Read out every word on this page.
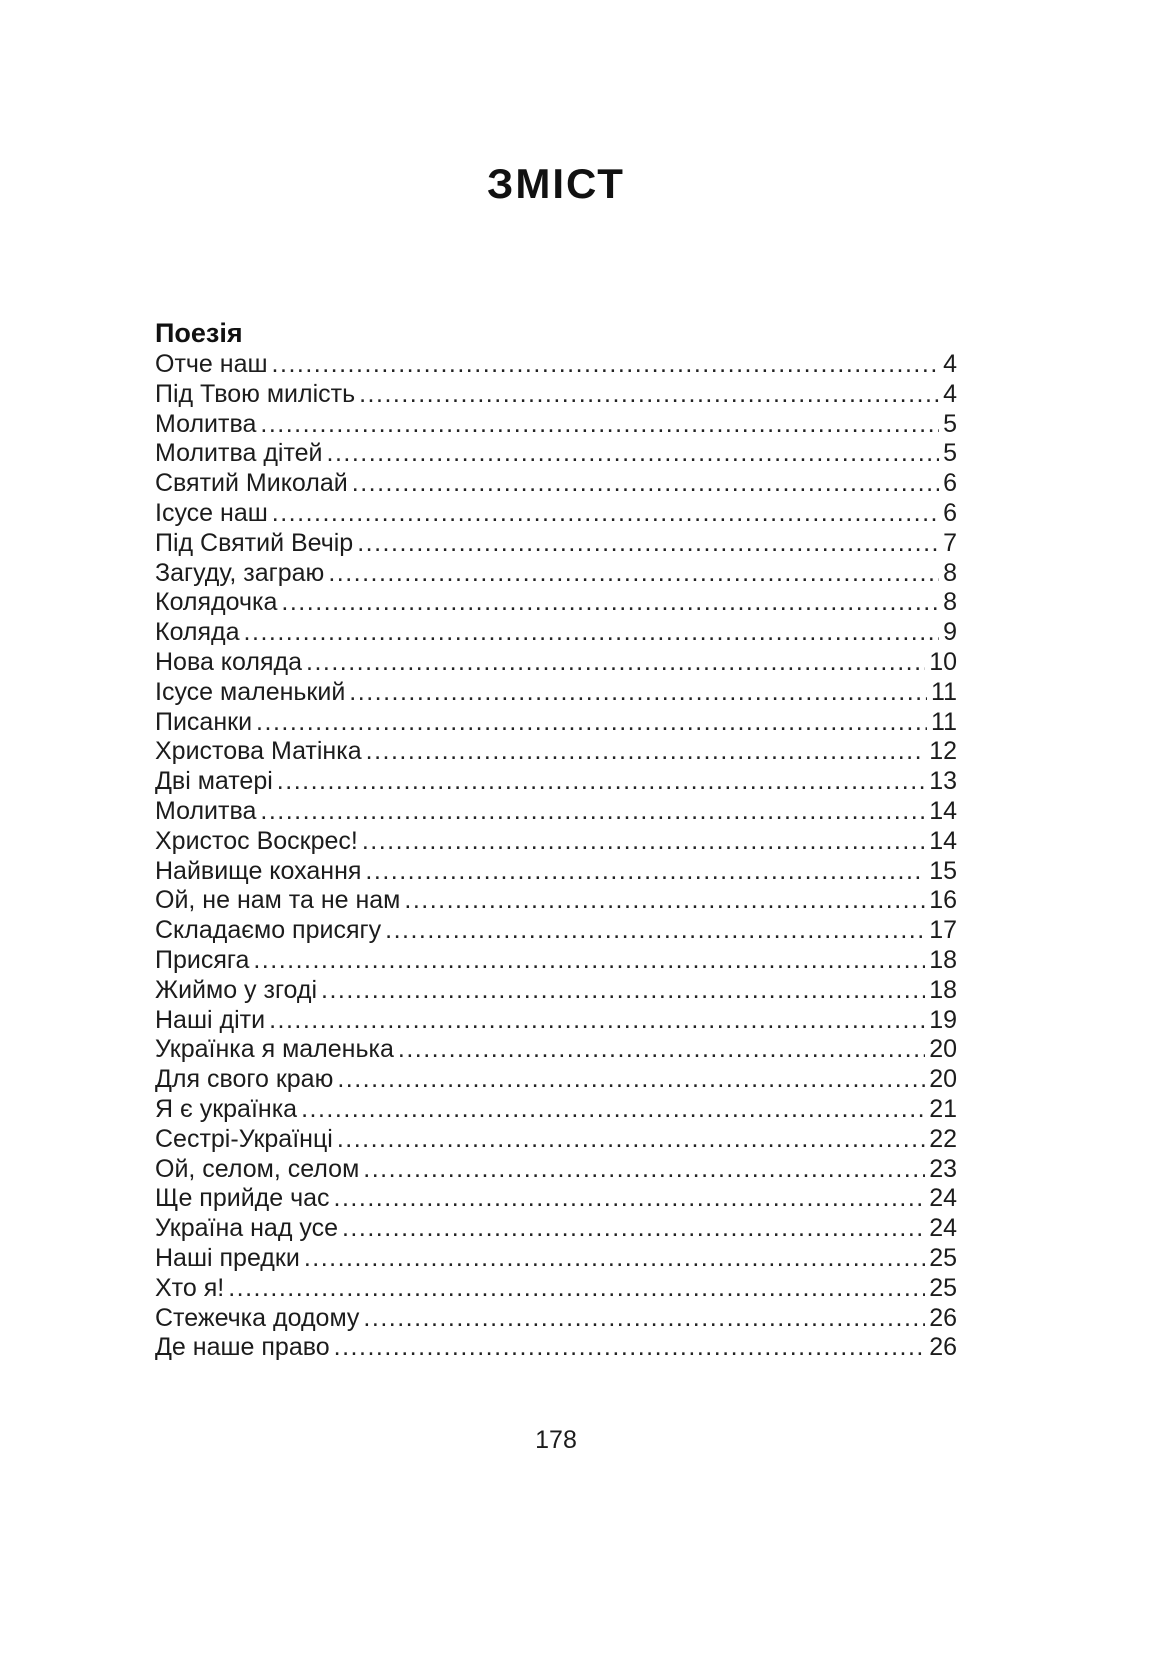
ЗМІСТ
Поезія
Отче наш .....	4
Під Твою милість .....	4
Молитва .....	5
Молитва дітей .....	5
Святий Миколай .....	6
Ісусе наш .....	6
Під Святий Вечір .....	7
Загуду, заграю .....	8
Колядочка .....	8
Коляда .....	9
Нова коляда .....	10
Ісусе маленький .....	11
Писанки .....	11
Христова Матінка .....	12
Дві матері .....	13
Молитва .....	14
Христос Воскрес! .....	14
Найвище кохання .....	15
Ой, не нам та не нам .....	16
Складаємо присягу .....	17
Присяга .....	18
Жиймо у згоді .....	18
Наші діти .....	19
Українка я маленька .....	20
Для свого краю .....	20
Я є українка .....	21
Сестрі-Українці .....	22
Ой, селом, селом .....	23
Ще прийде час .....	24
Україна над усе .....	24
Наші предки .....	25
Хто я! .....	25
Стежечка додому .....	26
Де наше право .....	26
178
